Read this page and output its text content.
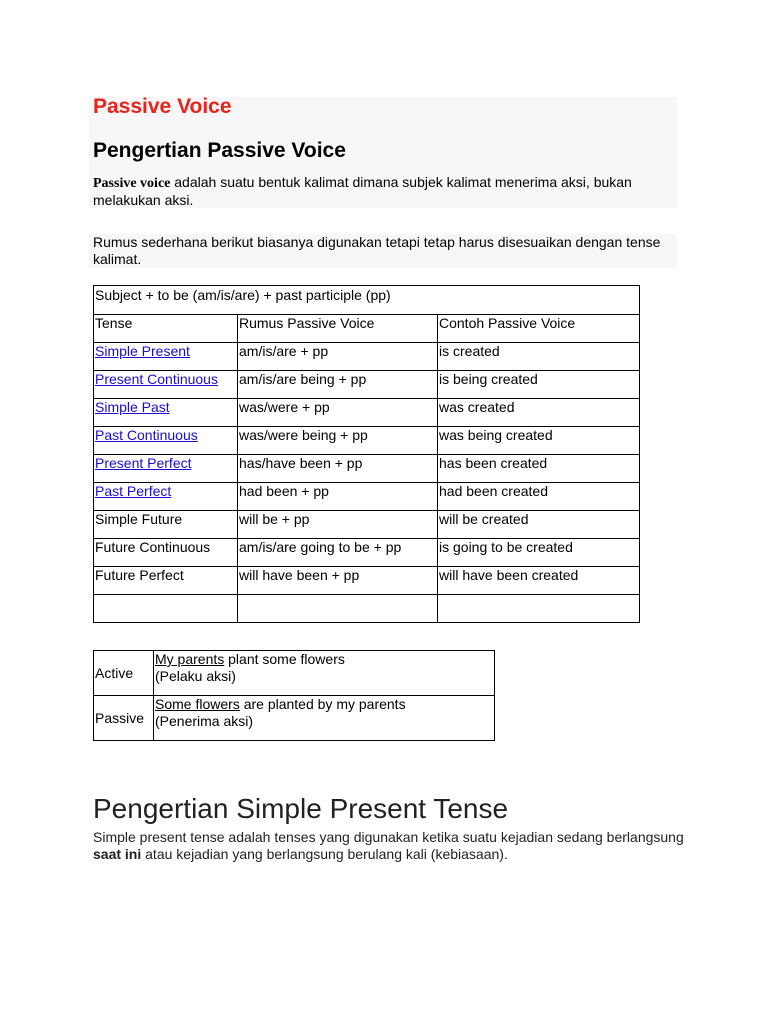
Passive Voice
Pengertian Passive Voice

Passive voice adalah suatu bentuk kalimat dimana subjek kalimat menerima aksi, bukan melakukan aksi.

Rumus sederhana berikut biasanya digunakan tetapi tetap harus disesuaikan dengan tense kalimat.

Subject + to be (am/is/are) + past participle (pp)		
Tense	Rumus Passive Voice	Contoh Passive Voice
Simple Present	am/is/are + pp	is created
Present Continuous	am/is/are being + pp	is being created
Simple Past	was/were + pp	was created
Past Continuous	was/were being + pp	was being created
Present Perfect	has/have been + pp	has been created
Past Perfect	had been + pp	had been created
Simple Future	will be + pp	will be created
Future Continuous	am/is/are going to be + pp	is going to be created
Future Perfect	will have been + pp	will have been created

Active	My parents plant some flowers
(Pelaku aksi)
Passive	Some flowers are planted by my parents
(Penerima aksi)
Pengertian Simple Present Tense

Simple present tense adalah tenses yang digunakan ketika suatu kejadian sedang berlangsung saat ini atau kejadian yang berlangsung berulang kali (kebiasaan).
